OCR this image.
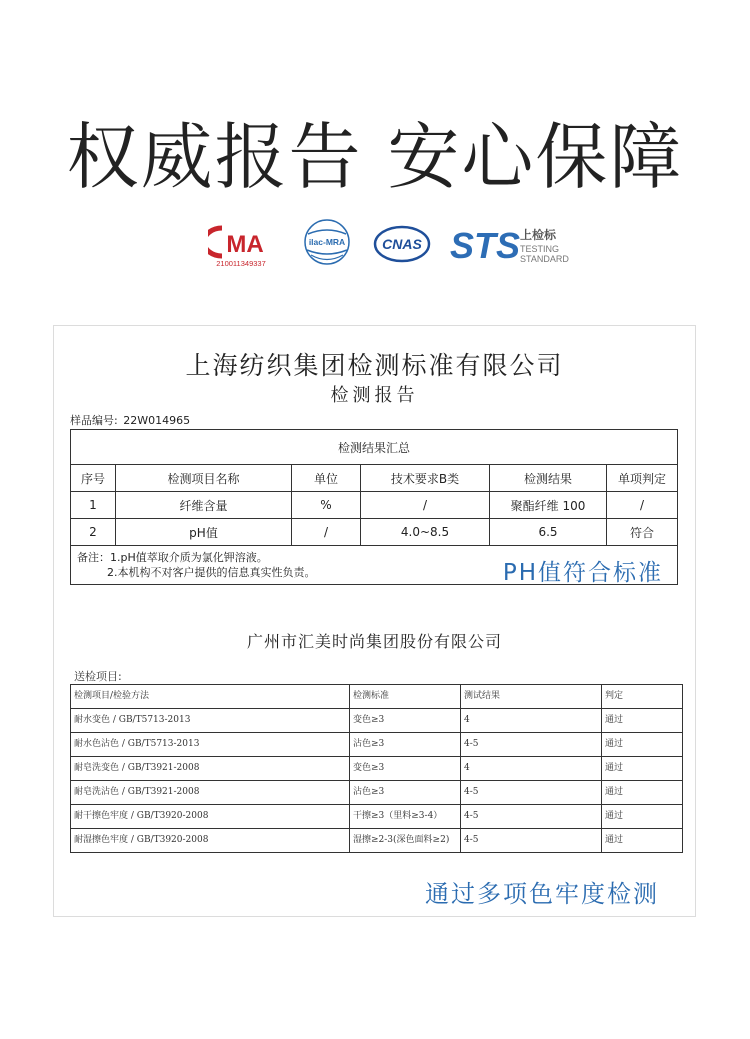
权威报告 安心保障
MA
210011349337
ilac-MRA	CNAS STS 上检标
TESTING
STANDARD
上海纺织集团检测标准有限公司
检测报告
样品编号: 22W014965
检测结果汇总					
序号	检测项目名称	单位	技术要求B类	检测结果	单项判定
1	纤维含量	%	/	聚酯纤维 100	/
2	pH值	/	4.0~8.5	6.5	符合

备注：1.pH值萃取介质为氯化钾溶液。
2.本机构不对客户提供的信息真实性负责。 PH值符合标准					
广州市汇美时尚集团股份有限公司
送检项目:
检测项目/检验方法	检测标准	测试结果	判定
耐水变色 / GB/T5713-2013	变色≥3	4	通过
耐水色沾色 / GB/T5713-2013	沾色≥3	4-5	通过
耐皂洗变色 / GB/T3921-2008	变色≥3	4	通过
耐皂洗沾色 / GB/T3921-2008	沾色≥3	4-5	通过
耐干擦色牢度 / GB/T3920-2008	干擦≥3（里料≥3-4）	4-5	通过
耐湿擦色牢度 / GB/T3920-2008	湿擦≥2-3(深色面料≥2)	4-5	通过
通过多项色牢度检测
